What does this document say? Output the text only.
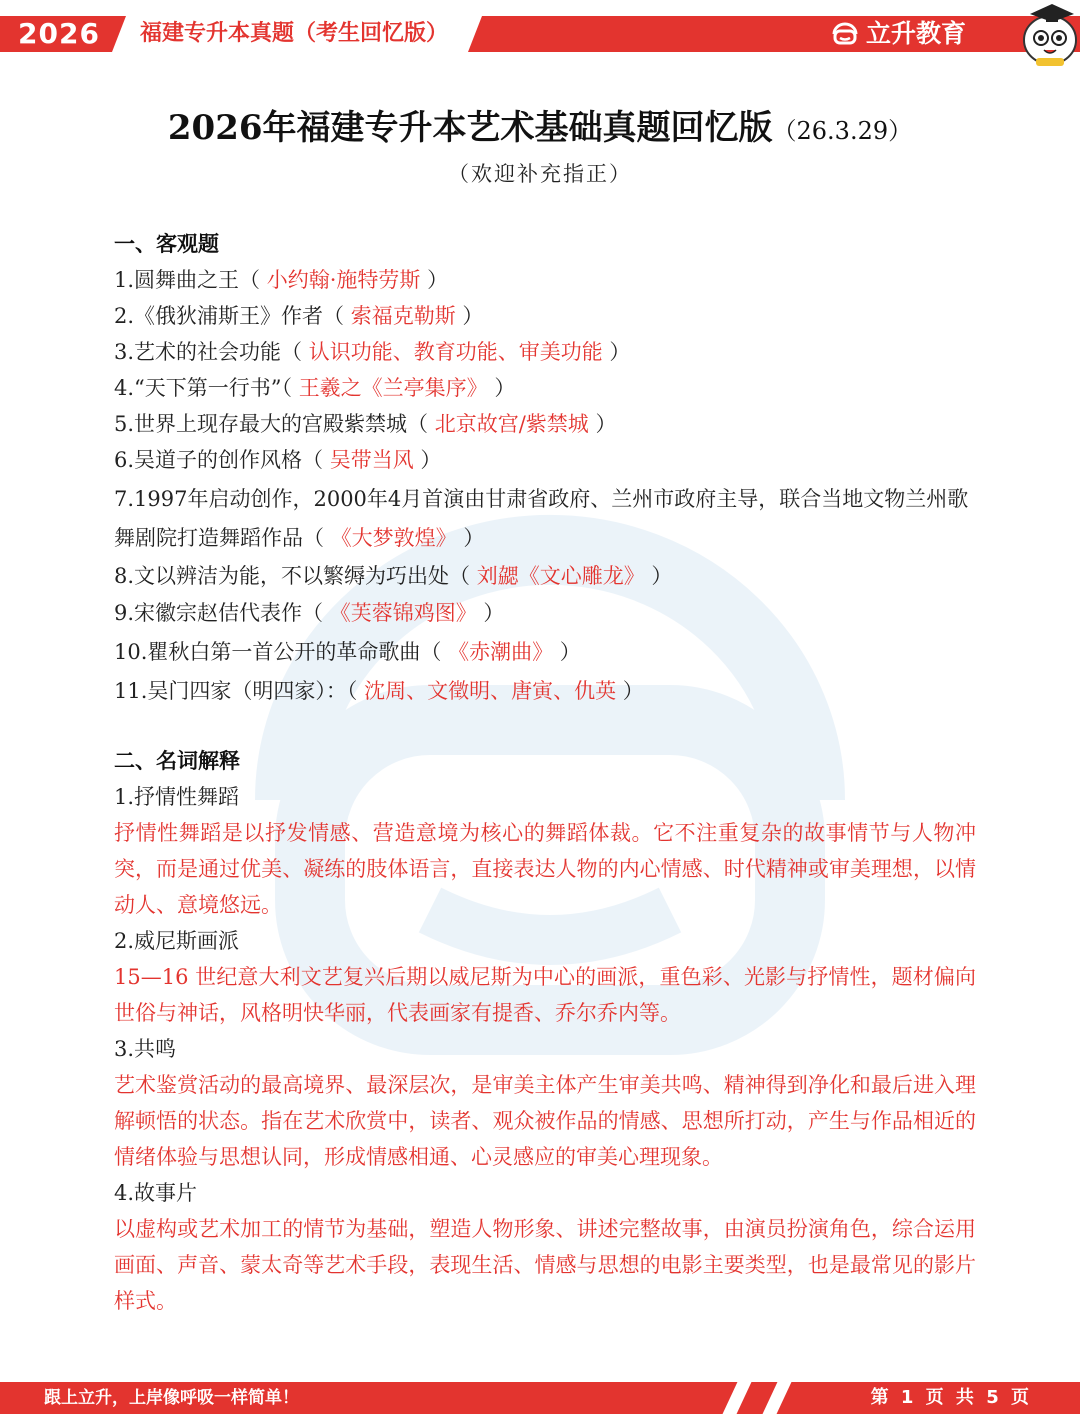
2026 福建专升本真题（考生回忆版）	立升教育
2026年福建专升本艺术基础真题回忆版（26.3.29）
（欢迎补充指正）
一、客观题
1.圆舞曲之王（ 小约翰·施特劳斯 ）
2.《俄狄浦斯王》作者（ 索福克勒斯 ）
3.艺术的社会功能（ 认识功能、教育功能、审美功能 ）
4.“天下第一行书”（ 王羲之《兰亭集序》 ）
5.世界上现存最大的宫殿紫禁城（ 北京故宫/紫禁城 ）
6.吴道子的创作风格（ 吴带当风 ）
7.1997年启动创作，2000年4月首演由甘肃省政府、兰州市政府主导，联合当地文物兰州歌舞剧院打造舞蹈作品（ 《大梦敦煌》 ）
8.文以辨洁为能，不以繁缛为巧出处（ 刘勰《文心雕龙》 ）
9.宋徽宗赵佶代表作（ 《芙蓉锦鸡图》 ）
10.瞿秋白第一首公开的革命歌曲（ 《赤潮曲》 ）
11.吴门四家（明四家）：（ 沈周、文徵明、唐寅、仇英 ）
二、名词解释
1.抒情性舞蹈
抒情性舞蹈是以抒发情感、营造意境为核心的舞蹈体裁。它不注重复杂的故事情节与人物冲突，而是通过优美、凝练的肢体语言，直接表达人物的内心情感、时代精神或审美理想，以情动人、意境悠远。
2.威尼斯画派
15—16 世纪意大利文艺复兴后期以威尼斯为中心的画派，重色彩、光影与抒情性，题材偏向世俗与神话，风格明快华丽，代表画家有提香、乔尔乔内等。
3.共鸣
艺术鉴赏活动的最高境界、最深层次，是审美主体产生审美共鸣、精神得到净化和最后进入理解顿悟的状态。指在艺术欣赏中，读者、观众被作品的情感、思想所打动，产生与作品相近的情绪体验与思想认同，形成情感相通、心灵感应的审美心理现象。
4.故事片
以虚构或艺术加工的情节为基础，塑造人物形象、讲述完整故事，由演员扮演角色，综合运用画面、声音、蒙太奇等艺术手段，表现生活、情感与思想的电影主要类型，也是最常见的影片样式。
跟上立升，上岸像呼吸一样简单！	第 1 页 共 5 页
